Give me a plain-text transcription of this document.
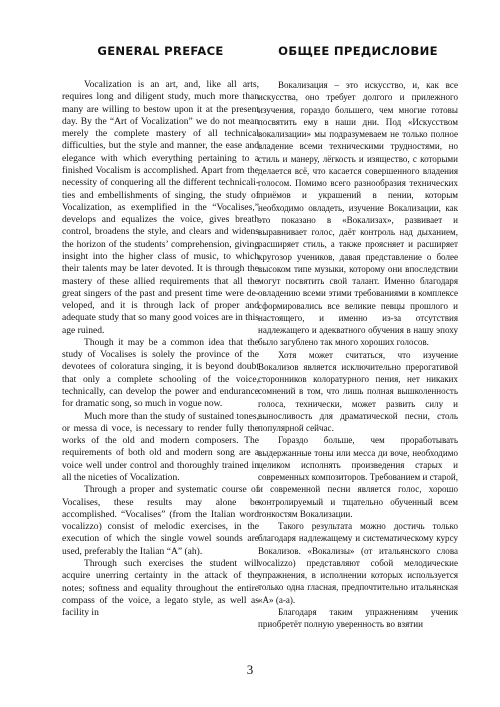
GENERAL PREFACE

Vocalization is an art, and, like all arts, requires long and diligent study, much more than many are willing to bestow upon it at the present day. By the “Art of Vocalization” we do not mean merely the complete mastery of all technical difficulties, but the style and manner, the ease and elegance with which everything pertaining to a finished Vocalism is accomplished. Apart from the necessity of conquering all the different technicalities and embellishments of singing, the study of Vocalization, as exemplified in the “Vocalises,” develops and equalizes the voice, gives breath control, broadens the style, and clears and widens the horizon of the students’ comprehension, giving insight into the higher class of music, to which their talents may be later devoted. It is through the mastery of these allied requirements that all the great singers of the past and present time were developed, and it is through lack of proper and adequate study that so many good voices are in this age ruined.

Though it may be a common idea that the study of Vocalises is solely the province of the devotees of coloratura singing, it is beyond doubt that only a complete schooling of the voice, technically, can develop the power and endurance for dramatic song, so much in vogue now.

Much more than the study of sustained tones, or messa di voce, is necessary to render fully the works of the old and modern composers. The requirements of both old and modern song are a voice well under control and thoroughly trained in all the niceties of Vocalization.

Through a proper and systematic course of Vocalises, these results may alone be accomplished. “Vocalises” (from the Italian word vocalizzo) consist of melodic exercises, in the execution of which the single vowel sounds are used, preferably the Italian “A” (ah).

Through such exercises the student will acquire unerring certainty in the attack of the notes; softness and equality throughout the entire compass of the voice, a legato style, as well as facility in

ОБЩЕЕ ПРЕДИСЛОВИЕ

Вокализация – это искусство, и, как все искусства, оно требует долгого и прилежного изучения, гораздо большего, чем многие готовы посвятить ему в наши дни. Под «Искусством вокализации» мы подразумеваем не только полное владение всеми техническими трудностями, но стиль и манеру, лёгкость и изящество, с которыми делается всё, что касается совершенного владения голосом. Помимо всего разнообразия технических приёмов и украшений в пении, которым необходимо овладеть, изучение Вокализации, как это показано в «Вокализах», развивает и выравнивает голос, даёт контроль над дыханием, расширяет стиль, а также проясняет и расширяет кругозор учеников, давая представление о более высоком типе музыки, которому они впоследствии могут посвятить свой талант. Именно благодаря овладению всеми этими требованиями в комплексе сформировались все великие певцы прошлого и настоящего, и именно из-за отсутствия надлежащего и адекватного обучения в нашу эпоху было загублено так много хороших голосов.

Хотя может считаться, что изучение Вокализов является исключительно прерогативой сторонников колоратурного пения, нет никаких сомнений в том, что лишь полная вышколенность голоса, технически, может развить силу и выносливость для драматической песни, столь популярной сейчас.

Гораздо больше, чем проработывать выдержанные тоны или месса ди воче, необходимо целиком исполнять произведения старых и современных композиторов. Требованием и старой, и современной песни является голос, хорошо контролируемый и тщательно обученный всем тонкостям Вокализации.

Такого результата можно достичь только благодаря надлежащему и систематическому курсу Вокализов. «Вокализы» (от итальянского слова vocalizzo) представляют собой мелодические упражнения, в исполнении которых используется только одна гласная, предпочтительно итальянская «А» (а-а).

Благодаря таким упражнениям ученик приобретёт полную уверенность во взятии

3
